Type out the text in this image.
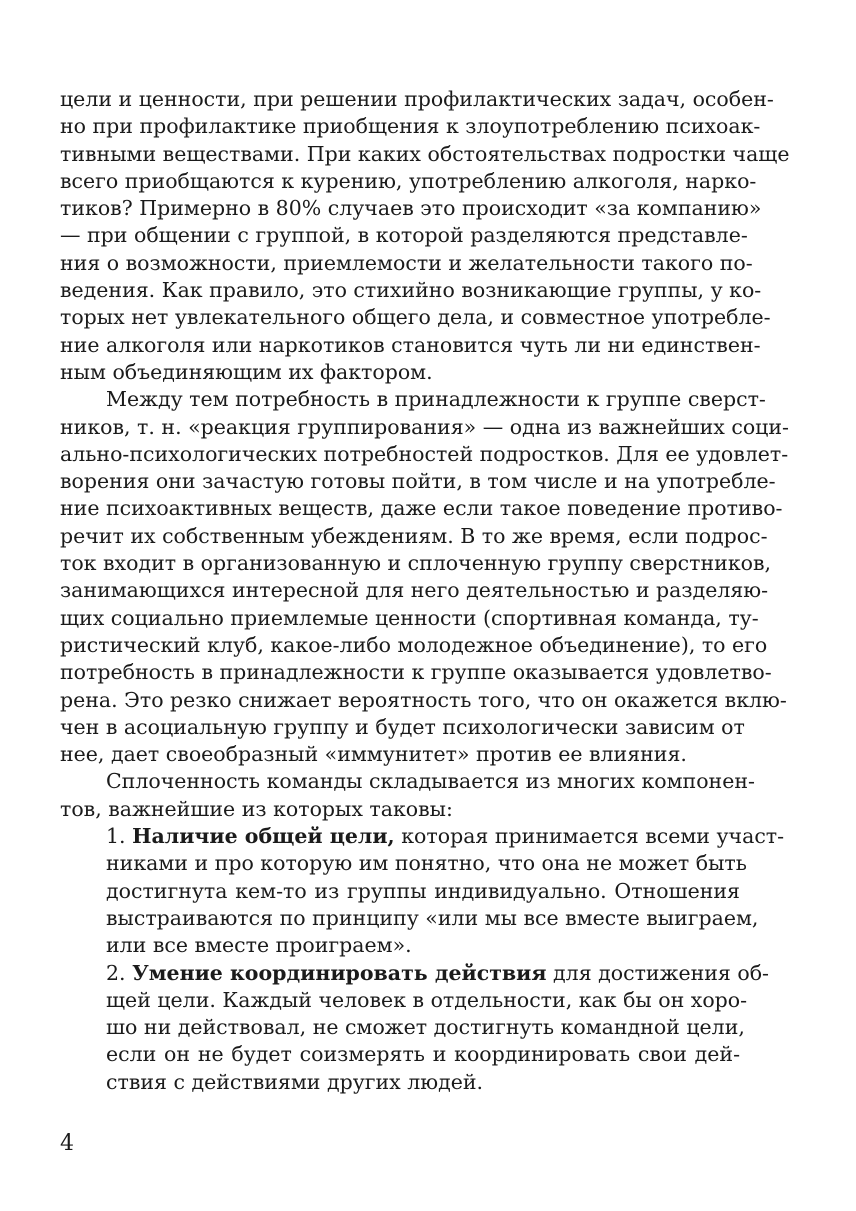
цели и ценности, при решении профилактических задач, особен-
но при профилактике приобщения к злоупотреблению психоак-
тивными веществами. При каких обстоятельствах подростки чаще
всего приобщаются к курению, употреблению алкоголя, нарко-
тиков? Примерно в 80% случаев это происходит «за компанию»
— при общении с группой, в которой разделяются представле-
ния о возможности, приемлемости и желательности такого по-
ведения. Как правило, это стихийно возникающие группы, у ко-
торых нет увлекательного общего дела, и совместное употребле-
ние алкоголя или наркотиков становится чуть ли ни единствен-
ным объединяющим их фактором.

Между тем потребность в принадлежности к группе сверст-
ников, т. н. «реакция группирования» — одна из важнейших соци-
ально-психологических потребностей подростков. Для ее удовлет-
ворения они зачастую готовы пойти, в том числе и на употребле-
ние психоактивных веществ, даже если такое поведение противо-
речит их собственным убеждениям. В то же время, если подрос-
ток входит в организованную и сплоченную группу сверстников,
занимающихся интересной для него деятельностью и разделяю-
щих социально приемлемые ценности (спортивная команда, ту-
ристический клуб, какое-либо молодежное объединение), то его
потребность в принадлежности к группе оказывается удовлетво-
рена. Это резко снижает вероятность того, что он окажется вклю-
чен в асоциальную группу и будет психологически зависим от
нее, дает своеобразный «иммунитет» против ее влияния.

Сплоченность команды складывается из многих компонен-
тов, важнейшие из которых таковы:

1. Наличие общей цели, которая принимается всеми участ-
никами и про которую им понятно, что она не может быть
достигнута кем-то из группы индивидуально. Отношения
выстраиваются по принципу «или мы все вместе выиграем,
или все вместе проиграем».
2. Умение координировать действия для достижения об-
щей цели. Каждый человек в отдельности, как бы он хоро-
шо ни действовал, не сможет достигнуть командной цели,
если он не будет соизмерять и координировать свои дей-
ствия с действиями других людей.
4
